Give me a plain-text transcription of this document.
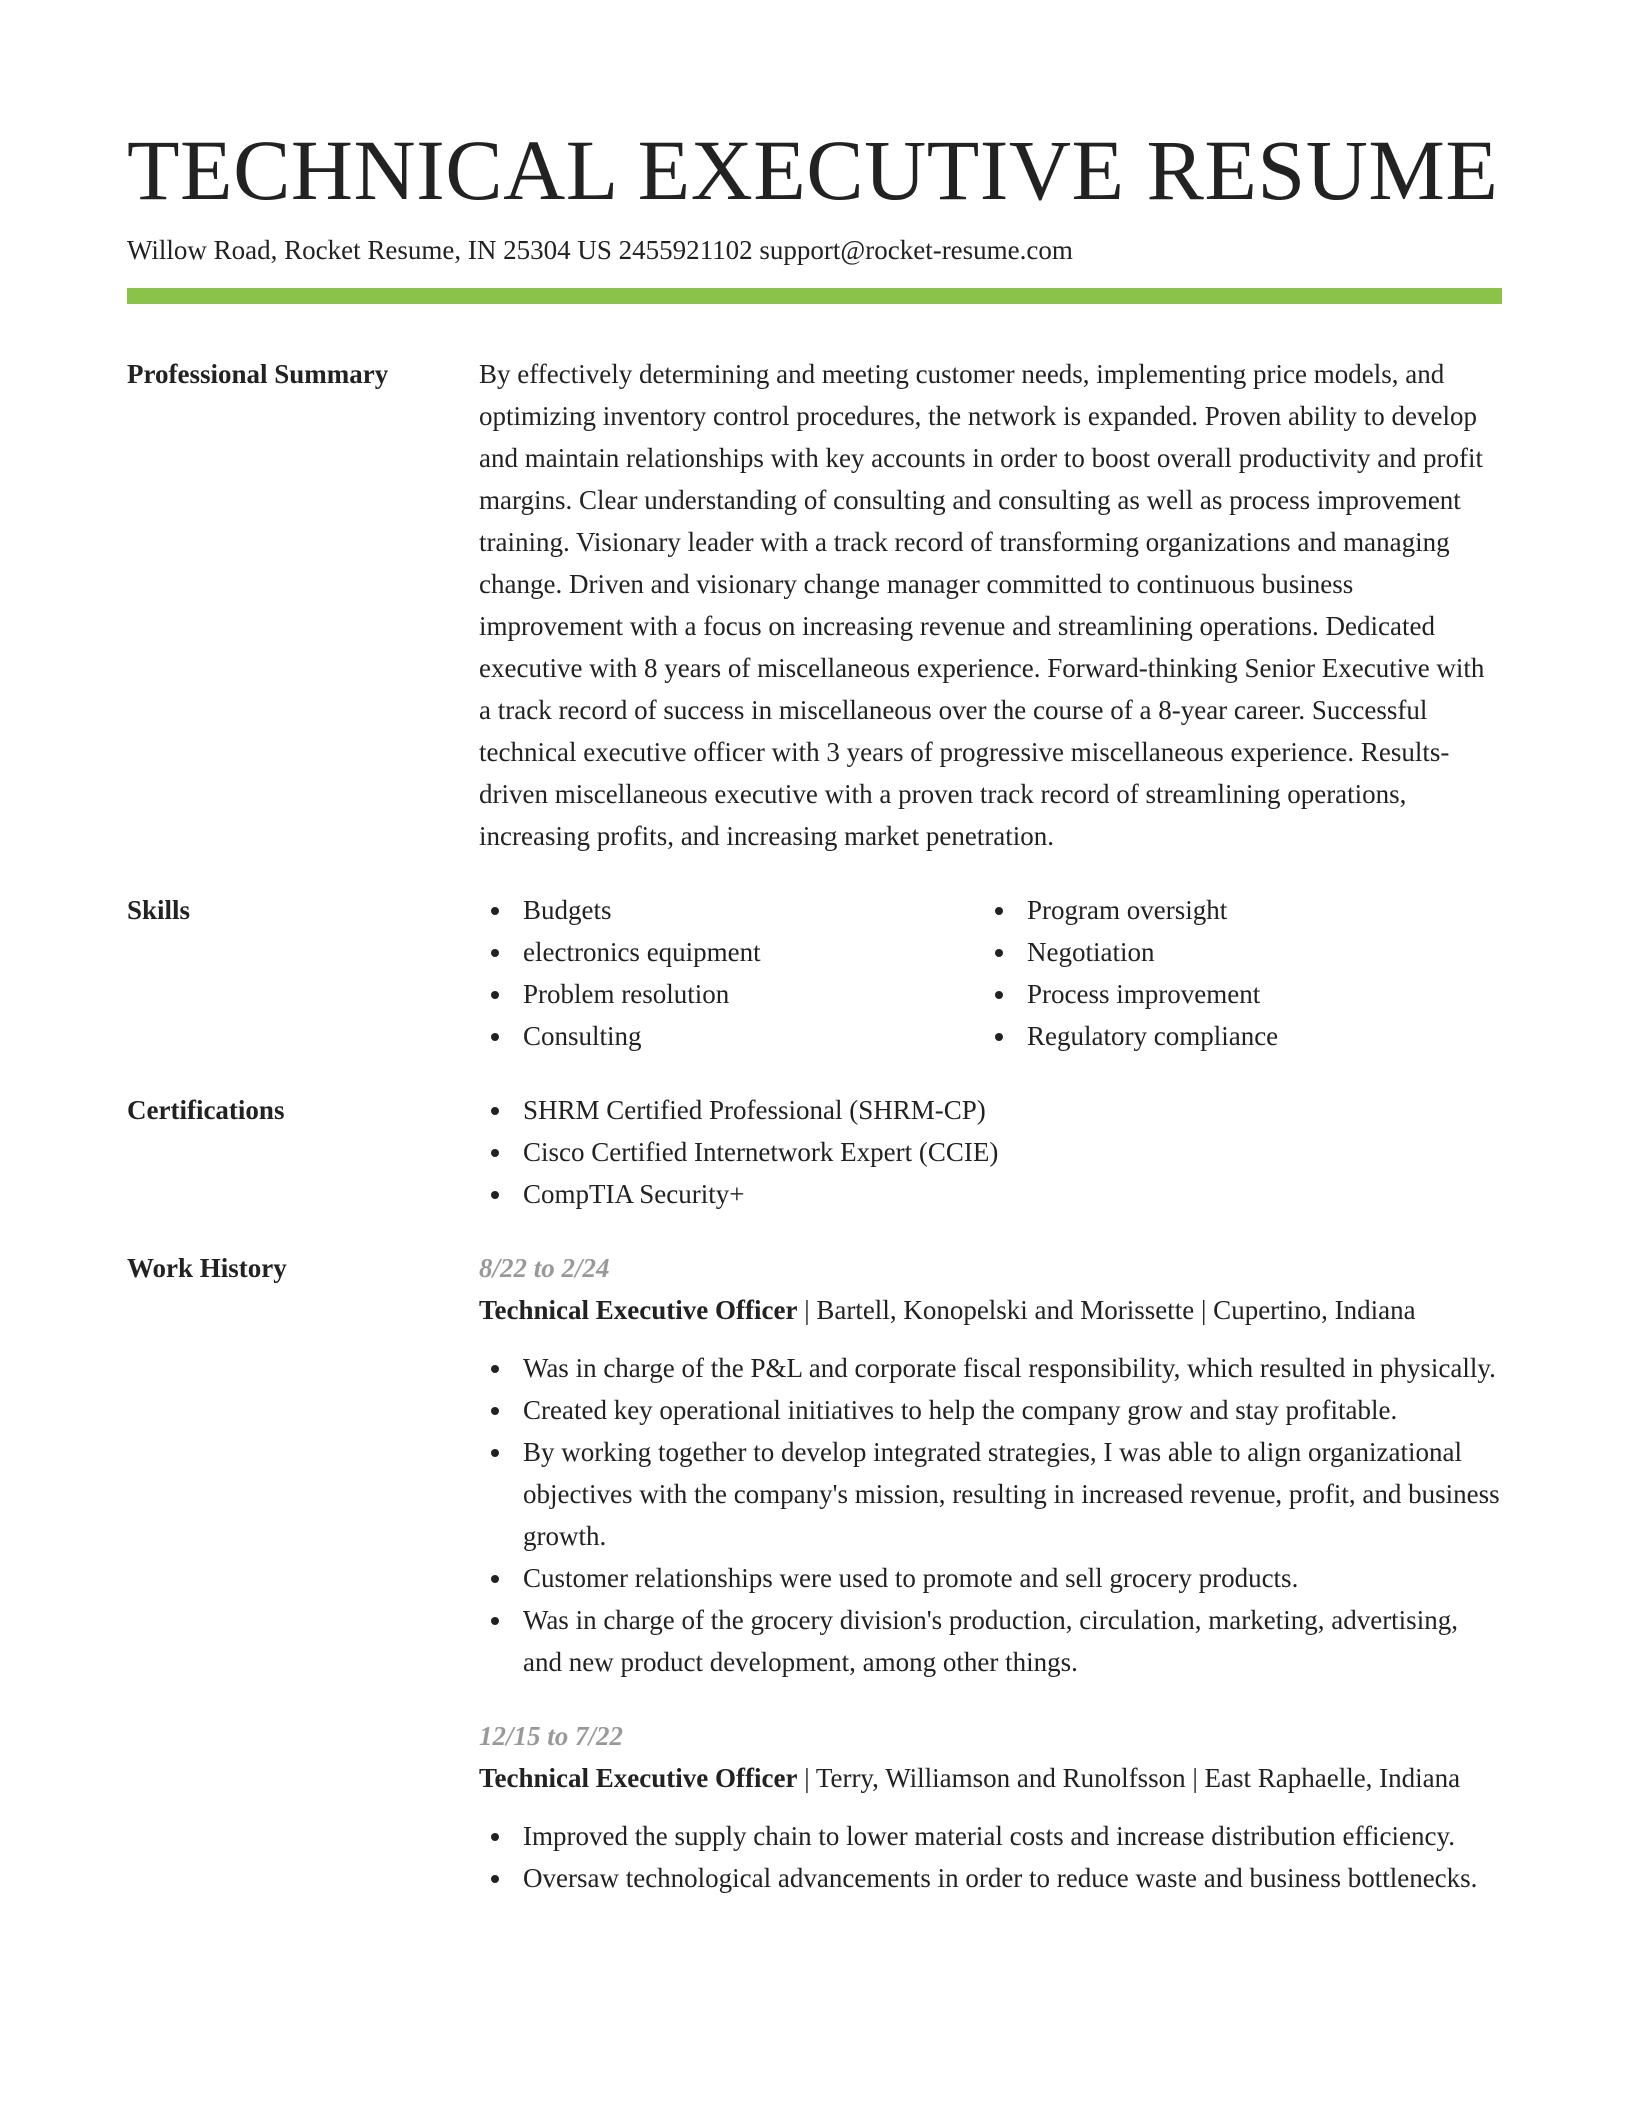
TECHNICAL EXECUTIVE RESUME
Willow Road, Rocket Resume, IN 25304 US 2455921102 support@rocket-resume.com
Professional Summary	By effectively determining and meeting customer needs, implementing price models, and optimizing inventory control procedures, the network is expanded. Proven ability to develop and maintain relationships with key accounts in order to boost overall productivity and profit margins. Clear understanding of consulting and consulting as well as process improvement training. Visionary leader with a track record of transforming organizations and managing change. Driven and visionary change manager committed to continuous business improvement with a focus on increasing revenue and streamlining operations. Dedicated executive with 8 years of miscellaneous experience. Forward-thinking Senior Executive with a track record of success in miscellaneous over the course of a 8-year career. Successful technical executive officer with 3 years of progressive miscellaneous experience. Results-driven miscellaneous executive with a proven track record of streamlining operations, increasing profits, and increasing market penetration.
Skills	Budgets
electronics equipment
Problem resolution
Consulting
Program oversight
Negotiation
Process improvement
Regulatory compliance
Certifications	SHRM Certified Professional (SHRM-CP)
Cisco Certified Internetwork Expert (CCIE)
CompTIA Security+
Work History	8/22 to 2/24
Technical Executive Officer | Bartell, Konopelski and Morissette | Cupertino, Indiana
Was in charge of the P&L and corporate fiscal responsibility, which resulted in physically.
Created key operational initiatives to help the company grow and stay profitable.
By working together to develop integrated strategies, I was able to align organizational objectives with the company's mission, resulting in increased revenue, profit, and business growth.
Customer relationships were used to promote and sell grocery products.
Was in charge of the grocery division's production, circulation, marketing, advertising, and new product development, among other things.
12/15 to 7/22
Technical Executive Officer | Terry, Williamson and Runolfsson | East Raphaelle, Indiana
Improved the supply chain to lower material costs and increase distribution efficiency.
Oversaw technological advancements in order to reduce waste and business bottlenecks.
